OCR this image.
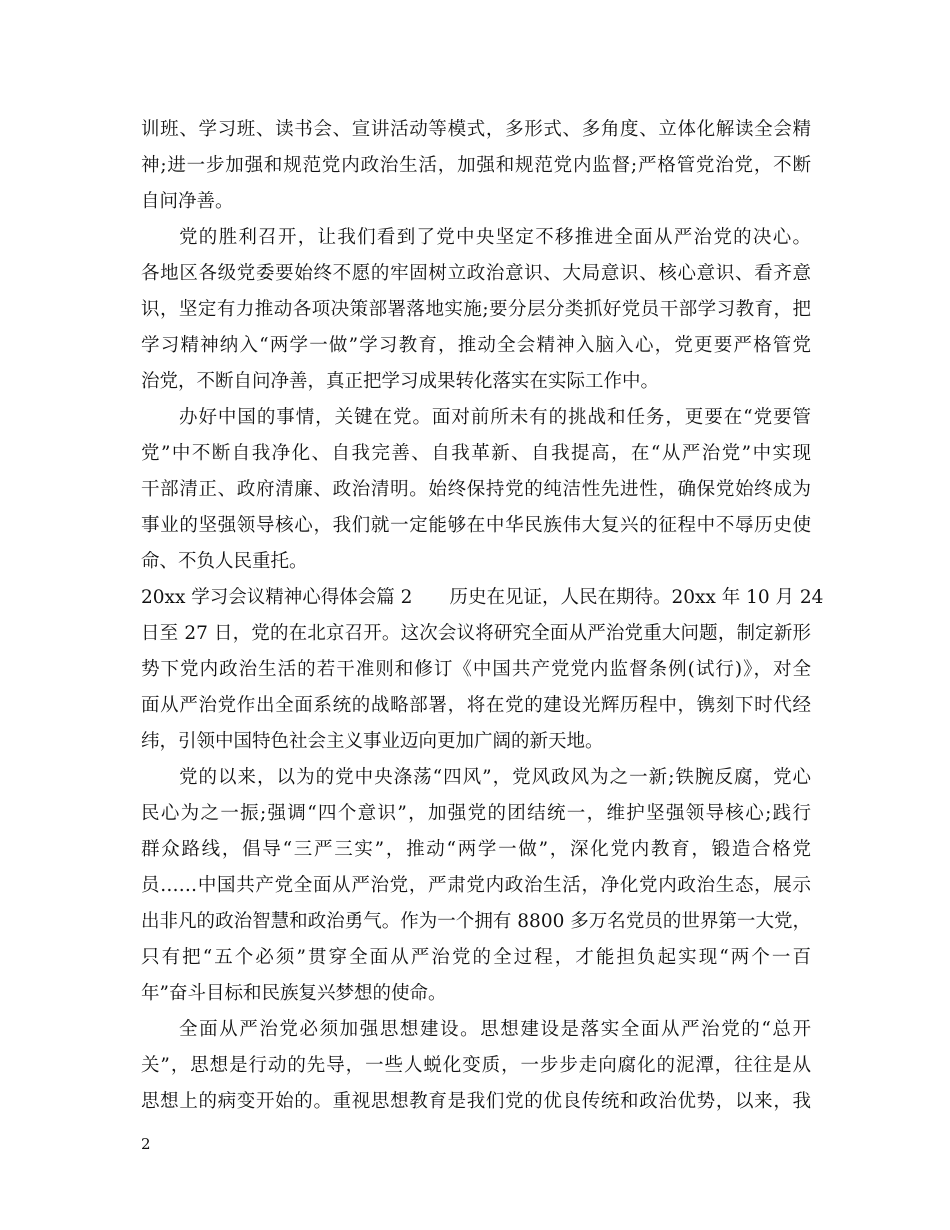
训班、学习班、读书会、宣讲活动等模式，多形式、多角度、立体化解读全会精
神;进一步加强和规范党内政治生活，加强和规范党内监督;严格管党治党，不断
自问净善。
党的胜利召开，让我们看到了党中央坚定不移推进全面从严治党的决心。
各地区各级党委要始终不愿的牢固树立政治意识、大局意识、核心意识、看齐意
识，坚定有力推动各项决策部署落地实施;要分层分类抓好党员干部学习教育，把
学习精神纳入“两学一做”学习教育，推动全会精神入脑入心，党更要严格管党
治党，不断自问净善，真正把学习成果转化落实在实际工作中。
办好中国的事情，关键在党。面对前所未有的挑战和任务，更要在“党要管
党”中不断自我净化、自我完善、自我革新、自我提高，在“从严治党”中实现
干部清正、政府清廉、政治清明。始终保持党的纯洁性先进性，确保党始终成为
事业的坚强领导核心，我们就一定能够在中华民族伟大复兴的征程中不辱历史使
命、不负人民重托。
20xx 学习会议精神心得体会篇 2　　历史在见证，人民在期待。20xx 年 10 月 24
日至 27 日，党的在北京召开。这次会议将研究全面从严治党重大问题，制定新形
势下党内政治生活的若干准则和修订《中国共产党党内监督条例(试行)》，对全
面从严治党作出全面系统的战略部署，将在党的建设光辉历程中，镌刻下时代经
纬，引领中国特色社会主义事业迈向更加广阔的新天地。
党的以来，以为的党中央涤荡“四风”，党风政风为之一新;铁腕反腐，党心
民心为之一振;强调“四个意识”，加强党的团结统一，维护坚强领导核心;践行
群众路线，倡导“三严三实”，推动“两学一做”，深化党内教育，锻造合格党
员……中国共产党全面从严治党，严肃党内政治生活，净化党内政治生态，展示
出非凡的政治智慧和政治勇气。作为一个拥有 8800 多万名党员的世界第一大党，
只有把“五个必须”贯穿全面从严治党的全过程，才能担负起实现“两个一百
年”奋斗目标和民族复兴梦想的使命。
全面从严治党必须加强思想建设。思想建设是落实全面从严治党的“总开
关”，思想是行动的先导，一些人蜕化变质，一步步走向腐化的泥潭，往往是从
思想上的病变开始的。重视思想教育是我们党的优良传统和政治优势，以来，我
2
